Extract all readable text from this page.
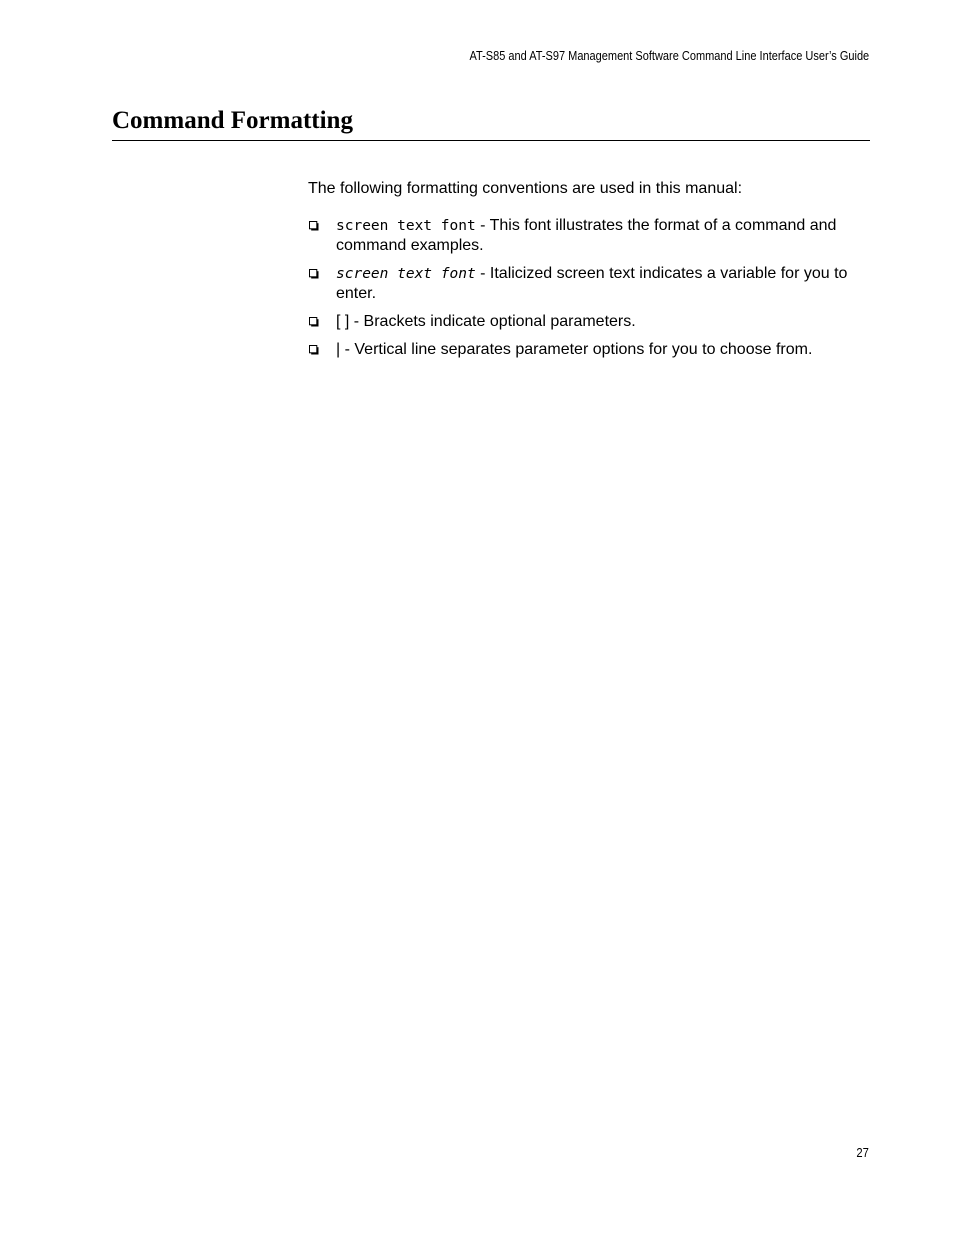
AT-S85 and AT-S97 Management Software Command Line Interface User’s Guide
Command Formatting

The following formatting conventions are used in this manual:

screen text font - This font illustrates the format of a command and command examples.
screen text font - Italicized screen text indicates a variable for you to enter.
[ ] - Brackets indicate optional parameters.
| - Vertical line separates parameter options for you to choose from.
27
